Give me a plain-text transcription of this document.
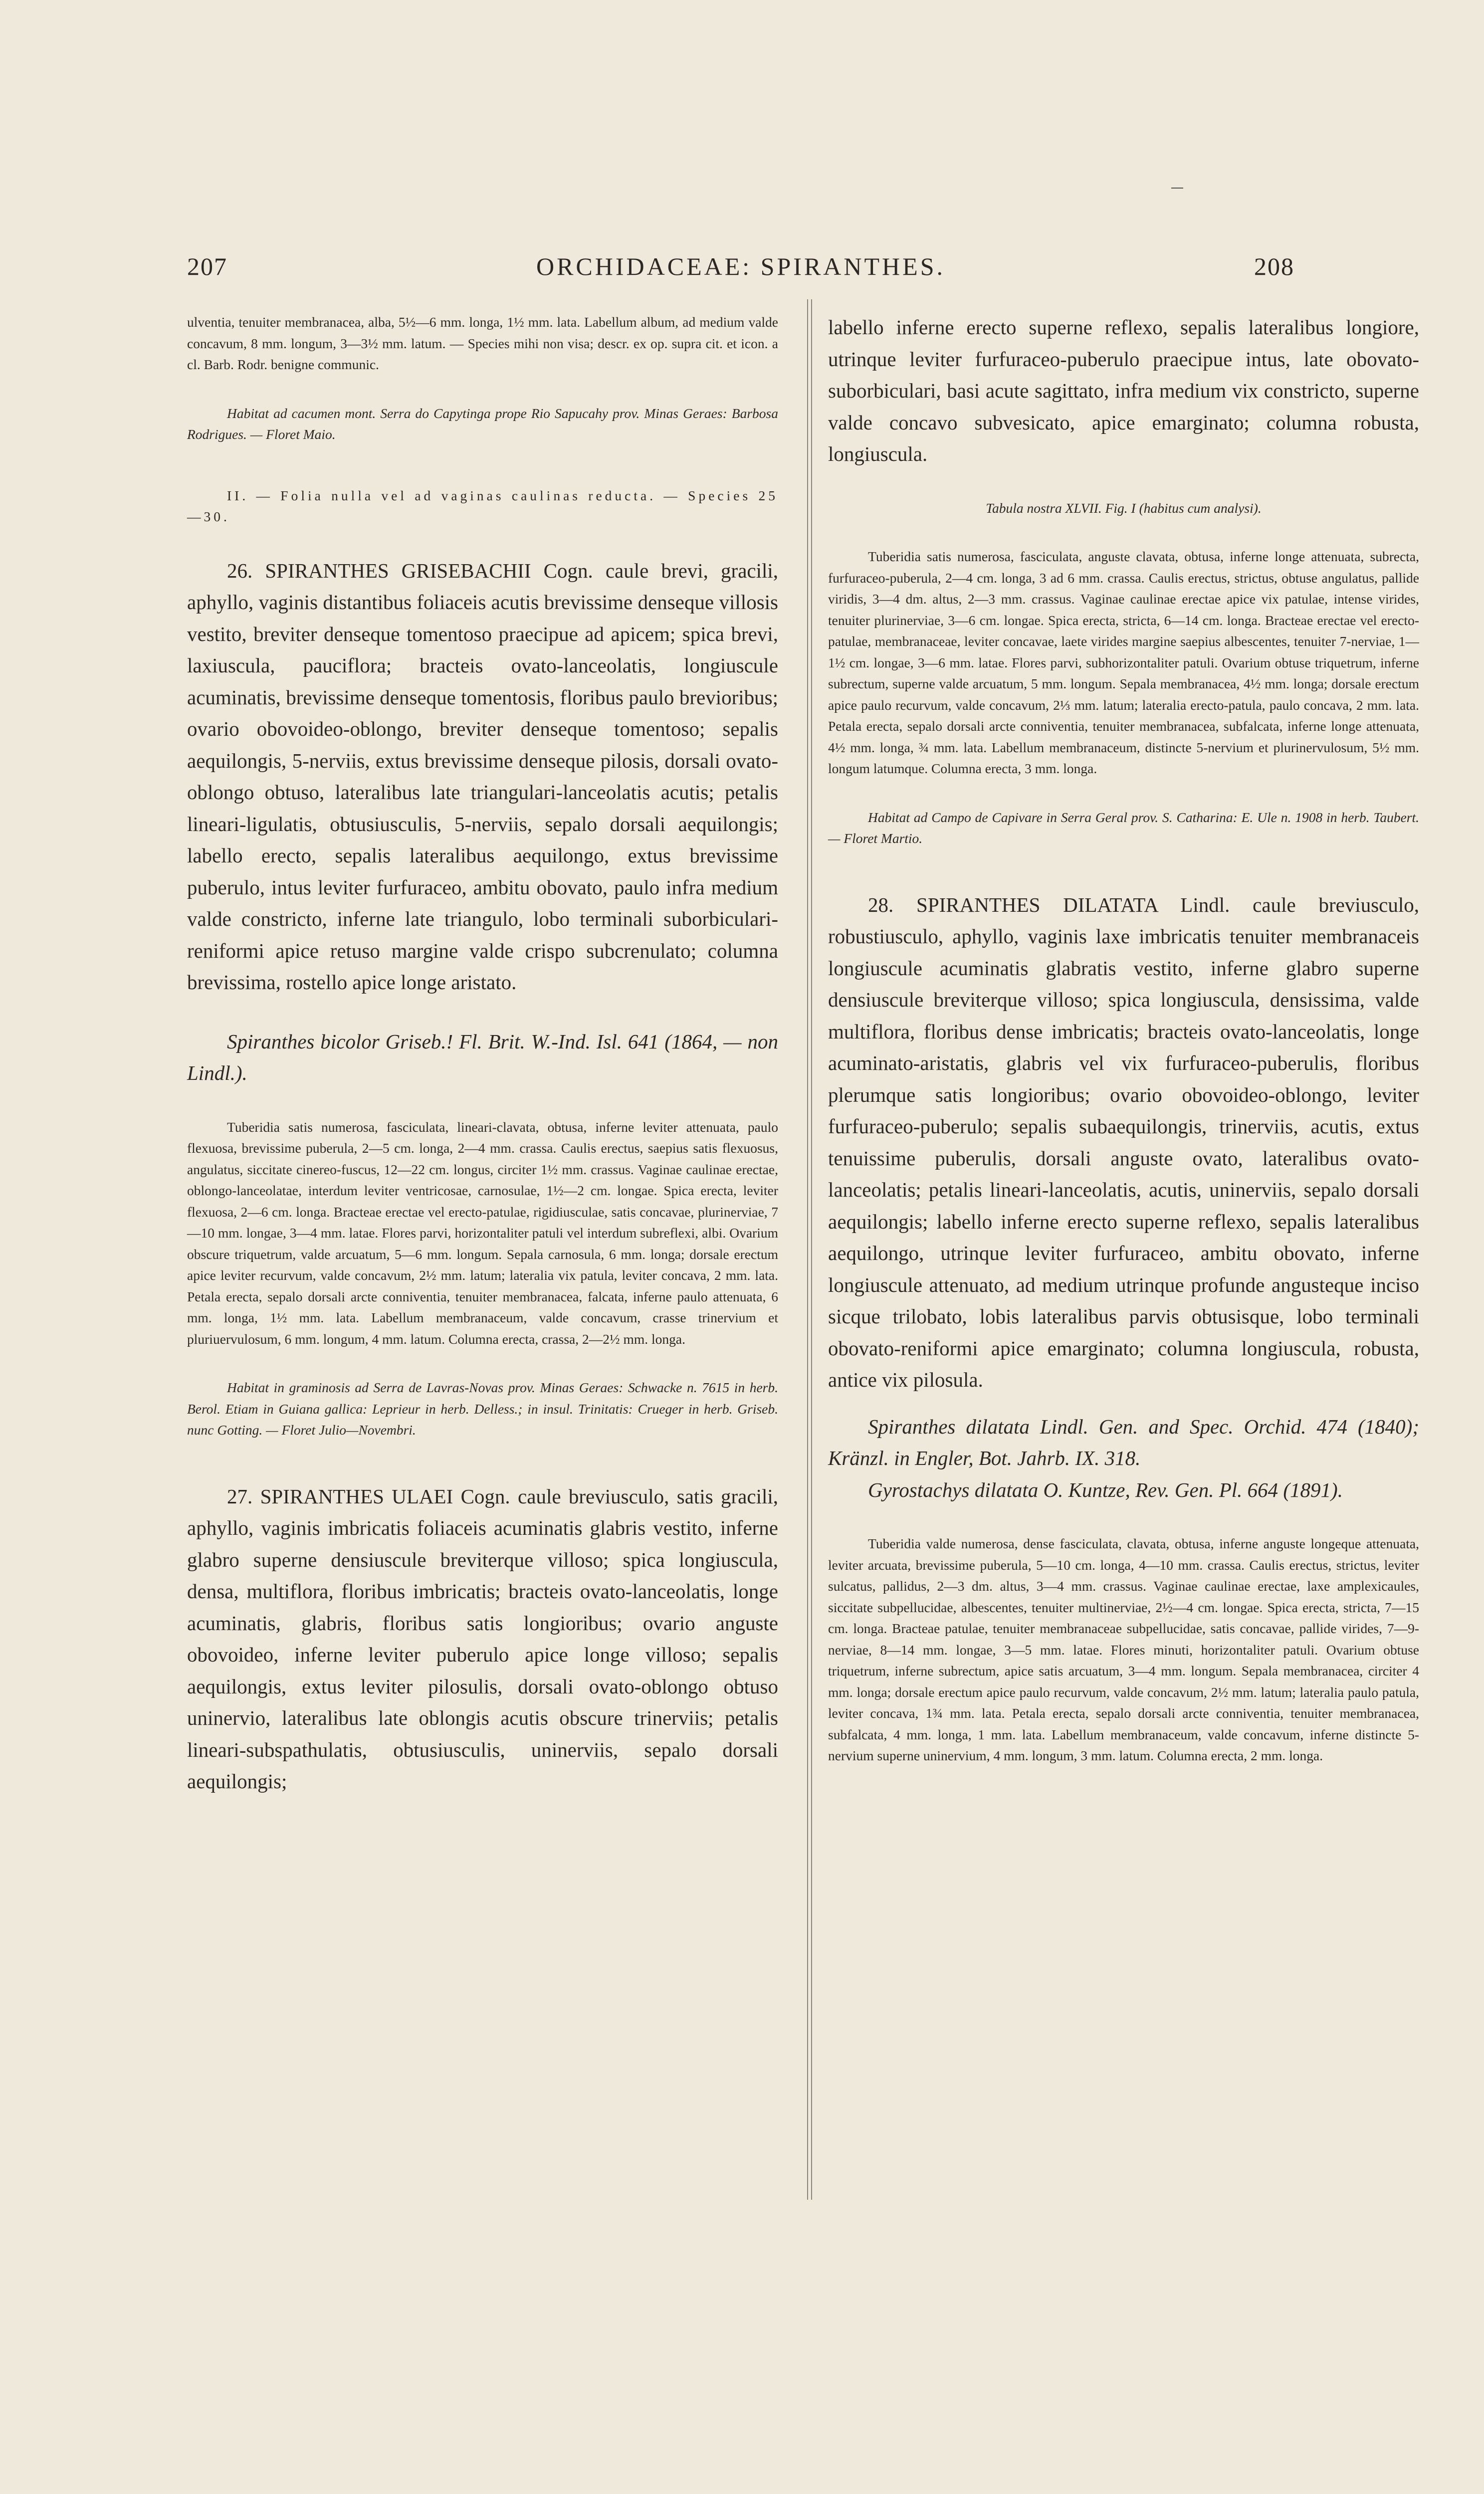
207	ORCHIDACEAE: SPIRANTHES.	208

ulventia, tenuiter membranacea, alba, 5½—6 mm. longa, 1½ mm. lata. Labellum album, ad medium valde concavum, 8 mm. longum, 3—3½ mm. latum. — Species mihi non visa; descr. ex op. supra cit. et icon. a cl. Barb. Rodr. benigne communic.

Habitat ad cacumen mont. Serra do Capytinga prope Rio Sapucahy prov. Minas Geraes: Barbosa Rodrigues. — Floret Maio.

II. — Folia nulla vel ad vaginas caulinas reducta. — Species 25—30.

26. SPIRANTHES GRISEBACHII Cogn. caule brevi, gracili, aphyllo, vaginis distantibus foliaceis acutis brevissime denseque villosis vestito, breviter denseque tomentoso praecipue ad apicem; spica brevi, laxiuscula, pauciflora; bracteis ovato-lanceolatis, longiuscule acuminatis, brevissime denseque tomentosis, floribus paulo brevioribus; ovario obovoideo-oblongo, breviter denseque tomentoso; sepalis aequilongis, 5-nerviis, extus brevissime denseque pilosis, dorsali ovato-oblongo obtuso, lateralibus late triangulari-lanceolatis acutis; petalis lineari-ligulatis, obtusiusculis, 5-nerviis, sepalo dorsali aequilongis; labello erecto, sepalis lateralibus aequilongo, extus brevissime puberulo, intus leviter furfuraceo, ambitu obovato, paulo infra medium valde constricto, inferne late triangulo, lobo terminali suborbiculari-reniformi apice retuso margine valde crispo subcrenulato; columna brevissima, rostello apice longe aristato.

Spiranthes bicolor Griseb.! Fl. Brit. W.-Ind. Isl. 641 (1864, — non Lindl.).

Tuberidia satis numerosa, fasciculata, lineari-clavata, obtusa, inferne leviter attenuata, paulo flexuosa, brevissime puberula, 2—5 cm. longa, 2—4 mm. crassa. Caulis erectus, saepius satis flexuosus, angulatus, siccitate cinereo-fuscus, 12—22 cm. longus, circiter 1½ mm. crassus. Vaginae caulinae erectae, oblongo-lanceolatae, interdum leviter ventricosae, carnosulae, 1½—2 cm. longae. Spica erecta, leviter flexuosa, 2—6 cm. longa. Bracteae erectae vel erecto-patulae, rigidiusculae, satis concavae, plurinerviae, 7—10 mm. longae, 3—4 mm. latae. Flores parvi, horizontaliter patuli vel interdum subreflexi, albi. Ovarium obscure triquetrum, valde arcuatum, 5—6 mm. longum. Sepala carnosula, 6 mm. longa; dorsale erectum apice leviter recurvum, valde concavum, 2½ mm. latum; lateralia vix patula, leviter concava, 2 mm. lata. Petala erecta, sepalo dorsali arcte conniventia, tenuiter membranacea, falcata, inferne paulo attenuata, 6 mm. longa, 1½ mm. lata. Labellum membranaceum, valde concavum, crasse trinervium et pluriuervulosum, 6 mm. longum, 4 mm. latum. Columna erecta, crassa, 2—2½ mm. longa.

Habitat in graminosis ad Serra de Lavras-Novas prov. Minas Geraes: Schwacke n. 7615 in herb. Berol. Etiam in Guiana gallica: Leprieur in herb. Delless.; in insul. Trinitatis: Crueger in herb. Griseb. nunc Gotting. — Floret Julio—Novembri.

27. SPIRANTHES ULAEI Cogn. caule breviusculo, satis gracili, aphyllo, vaginis imbricatis foliaceis acuminatis glabris vestito, inferne glabro superne densiuscule breviterque villoso; spica longiuscula, densa, multiflora, floribus imbricatis; bracteis ovato-lanceolatis, longe acuminatis, glabris, floribus satis longioribus; ovario anguste obovoideo, inferne leviter puberulo apice longe villoso; sepalis aequilongis, extus leviter pilosulis, dorsali ovato-oblongo obtuso uninervio, lateralibus late oblongis acutis obscure trinerviis; petalis lineari-subspathulatis, obtusiusculis, uninerviis, sepalo dorsali aequilongis;

labello inferne erecto superne reflexo, sepalis lateralibus longiore, utrinque leviter furfuraceo-puberulo praecipue intus, late obovato-suborbiculari, basi acute sagittato, infra medium vix constricto, superne valde concavo subvesicato, apice emarginato; columna robusta, longiuscula.

Tabula nostra XLVII. Fig. I (habitus cum analysi).

Tuberidia satis numerosa, fasciculata, anguste clavata, obtusa, inferne longe attenuata, subrecta, furfuraceo-puberula, 2—4 cm. longa, 3 ad 6 mm. crassa. Caulis erectus, strictus, obtuse angulatus, pallide viridis, 3—4 dm. altus, 2—3 mm. crassus. Vaginae caulinae erectae apice vix patulae, intense virides, tenuiter plurinerviae, 3—6 cm. longae. Spica erecta, stricta, 6—14 cm. longa. Bracteae erectae vel erecto-patulae, membranaceae, leviter concavae, laete virides margine saepius albescentes, tenuiter 7-nerviae, 1—1½ cm. longae, 3—6 mm. latae. Flores parvi, subhorizontaliter patuli. Ovarium obtuse triquetrum, inferne subrectum, superne valde arcuatum, 5 mm. longum. Sepala membranacea, 4½ mm. longa; dorsale erectum apice paulo recurvum, valde concavum, 2⅓ mm. latum; lateralia erecto-patula, paulo concava, 2 mm. lata. Petala erecta, sepalo dorsali arcte conniventia, tenuiter membranacea, subfalcata, inferne longe attenuata, 4½ mm. longa, ¾ mm. lata. Labellum membranaceum, distincte 5-nervium et plurinervulosum, 5½ mm. longum latumque. Columna erecta, 3 mm. longa.

Habitat ad Campo de Capivare in Serra Geral prov. S. Catharina: E. Ule n. 1908 in herb. Taubert. — Floret Martio.

28. SPIRANTHES DILATATA Lindl. caule breviusculo, robustiusculo, aphyllo, vaginis laxe imbricatis tenuiter membranaceis longiuscule acuminatis glabratis vestito, inferne glabro superne densiuscule breviterque villoso; spica longiuscula, densissima, valde multiflora, floribus dense imbricatis; bracteis ovato-lanceolatis, longe acuminato-aristatis, glabris vel vix furfuraceo-puberulis, floribus plerumque satis longioribus; ovario obovoideo-oblongo, leviter furfuraceo-puberulo; sepalis subaequilongis, trinerviis, acutis, extus tenuissime puberulis, dorsali anguste ovato, lateralibus ovato-lanceolatis; petalis lineari-lanceolatis, acutis, uninerviis, sepalo dorsali aequilongis; labello inferne erecto superne reflexo, sepalis lateralibus aequilongo, utrinque leviter furfuraceo, ambitu obovato, inferne longiuscule attenuato, ad medium utrinque profunde angusteque inciso sicque trilobato, lobis lateralibus parvis obtusisque, lobo terminali obovato-reniformi apice emarginato; columna longiuscula, robusta, antice vix pilosula.

Spiranthes dilatata Lindl. Gen. and Spec. Orchid. 474 (1840); Kränzl. in Engler, Bot. Jahrb. IX. 318.

Gyrostachys dilatata O. Kuntze, Rev. Gen. Pl. 664 (1891).

Tuberidia valde numerosa, dense fasciculata, clavata, obtusa, inferne anguste longeque attenuata, leviter arcuata, brevissime puberula, 5—10 cm. longa, 4—10 mm. crassa. Caulis erectus, strictus, leviter sulcatus, pallidus, 2—3 dm. altus, 3—4 mm. crassus. Vaginae caulinae erectae, laxe amplexicaules, siccitate subpellucidae, albescentes, tenuiter multinerviae, 2½—4 cm. longae. Spica erecta, stricta, 7—15 cm. longa. Bracteae patulae, tenuiter membranaceae subpellucidae, satis concavae, pallide virides, 7—9-nerviae, 8—14 mm. longae, 3—5 mm. latae. Flores minuti, horizontaliter patuli. Ovarium obtuse triquetrum, inferne subrectum, apice satis arcuatum, 3—4 mm. longum. Sepala membranacea, circiter 4 mm. longa; dorsale erectum apice paulo recurvum, valde concavum, 2½ mm. latum; lateralia paulo patula, leviter concava, 1¾ mm. lata. Petala erecta, sepalo dorsali arcte conniventia, tenuiter membranacea, subfalcata, 4 mm. longa, 1 mm. lata. Labellum membranaceum, valde concavum, inferne distincte 5-nervium superne uninervium, 4 mm. longum, 3 mm. latum. Columna erecta, 2 mm. longa.
